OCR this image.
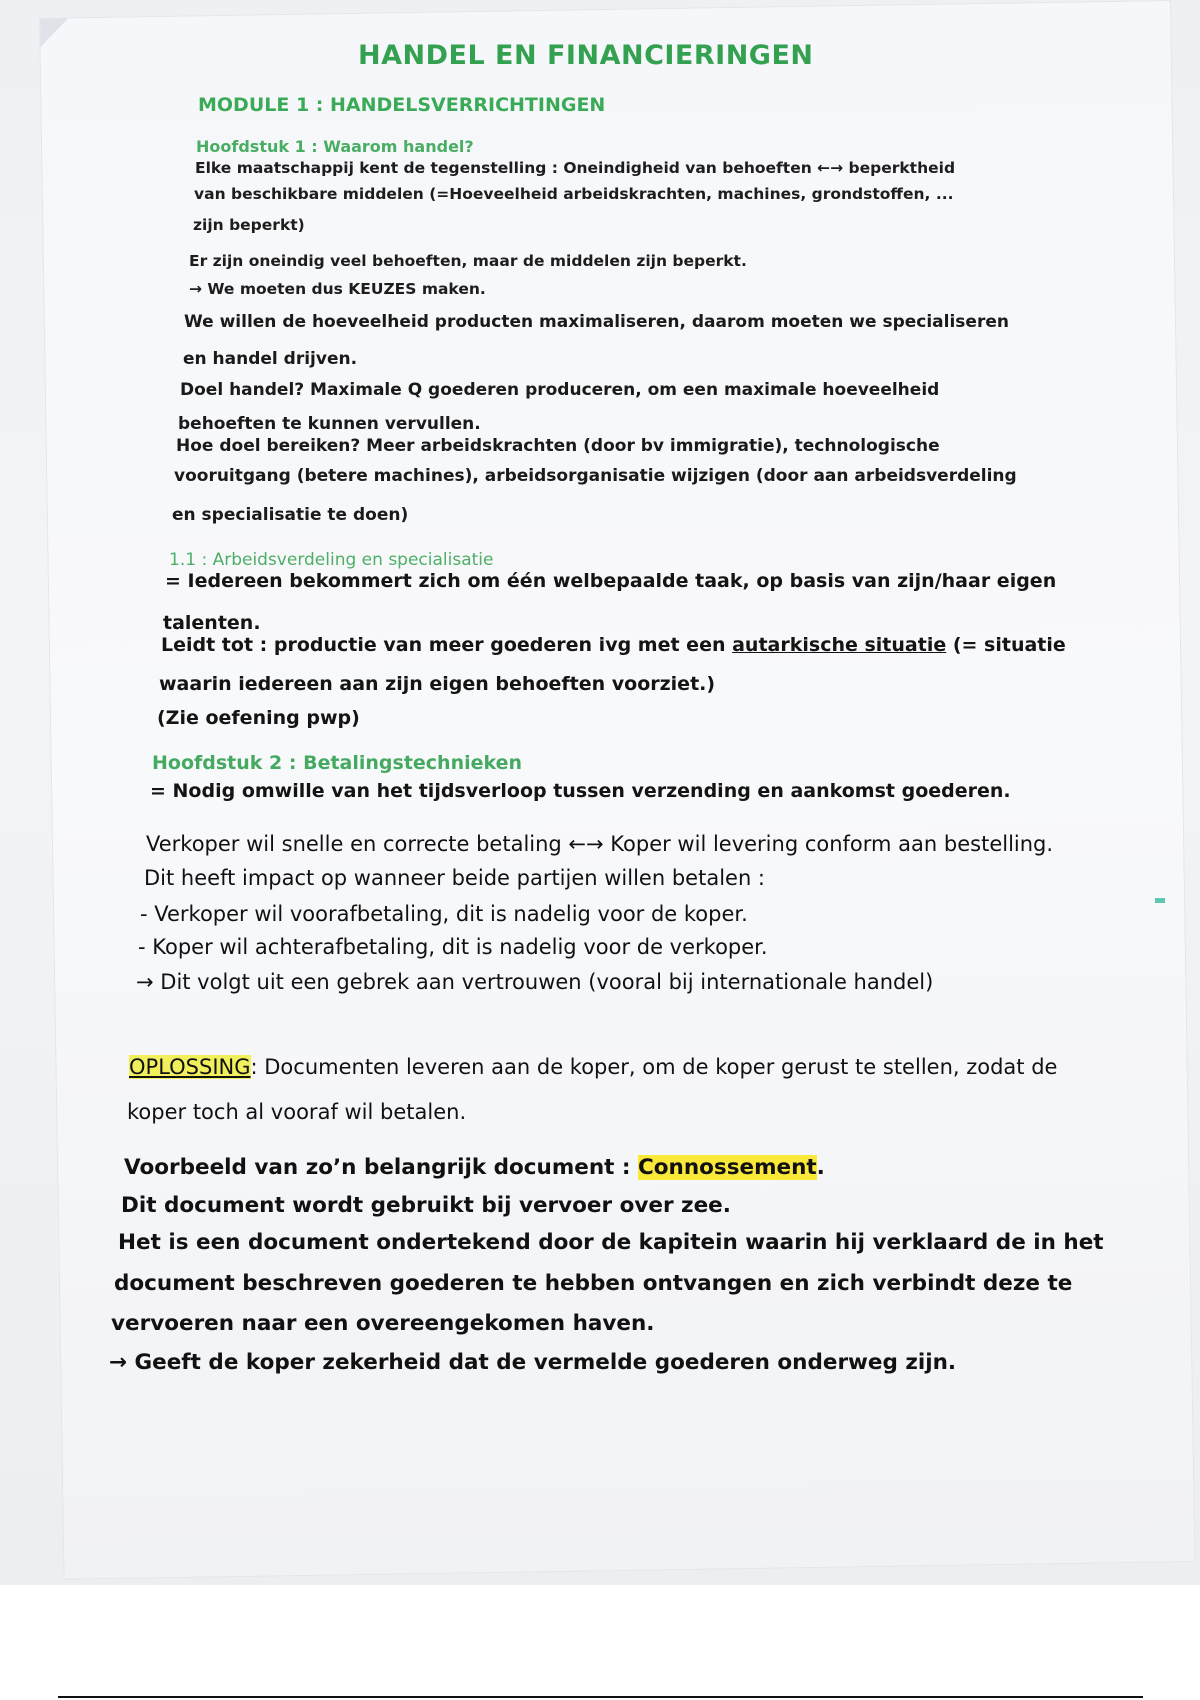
HANDEL EN FINANCIERINGEN
MODULE 1 : HANDELSVERRICHTINGEN
Hoofdstuk 1 : Waarom handel?
Elke maatschappij kent de tegenstelling : Oneindigheid van behoeften ←→ beperktheid
van beschikbare middelen (=Hoeveelheid arbeidskrachten, machines, grondstoffen, ...
zijn beperkt)
Er zijn oneindig veel behoeften, maar de middelen zijn beperkt.
→ We moeten dus KEUZES maken.
We willen de hoeveelheid producten maximaliseren, daarom moeten we specialiseren
en handel drijven.
Doel handel? Maximale Q goederen produceren, om een maximale hoeveelheid
behoeften te kunnen vervullen.
Hoe doel bereiken? Meer arbeidskrachten (door bv immigratie), technologische
vooruitgang (betere machines), arbeidsorganisatie wijzigen (door aan arbeidsverdeling
en specialisatie te doen)
1.1 : Arbeidsverdeling en specialisatie
= Iedereen bekommert zich om één welbepaalde taak, op basis van zijn/haar eigen
talenten.
Leidt tot : productie van meer goederen ivg met een autarkische situatie (= situatie
waarin iedereen aan zijn eigen behoeften voorziet.)
(Zie oefening pwp)
Hoofdstuk 2 : Betalingstechnieken
= Nodig omwille van het tijdsverloop tussen verzending en aankomst goederen.
Verkoper wil snelle en correcte betaling ←→ Koper wil levering conform aan bestelling.
Dit heeft impact op wanneer beide partijen willen betalen :
- Verkoper wil voorafbetaling, dit is nadelig voor de koper.
- Koper wil achterafbetaling, dit is nadelig voor de verkoper.
→ Dit volgt uit een gebrek aan vertrouwen (vooral bij internationale handel)
OPLOSSING: Documenten leveren aan de koper, om de koper gerust te stellen, zodat de
koper toch al vooraf wil betalen.
Voorbeeld van zo’n belangrijk document : Connossement.
Dit document wordt gebruikt bij vervoer over zee.
Het is een document ondertekend door de kapitein waarin hij verklaard de in het
document beschreven goederen te hebben ontvangen en zich verbindt deze te
vervoeren naar een overeengekomen haven.
→ Geeft de koper zekerheid dat de vermelde goederen onderweg zijn.
